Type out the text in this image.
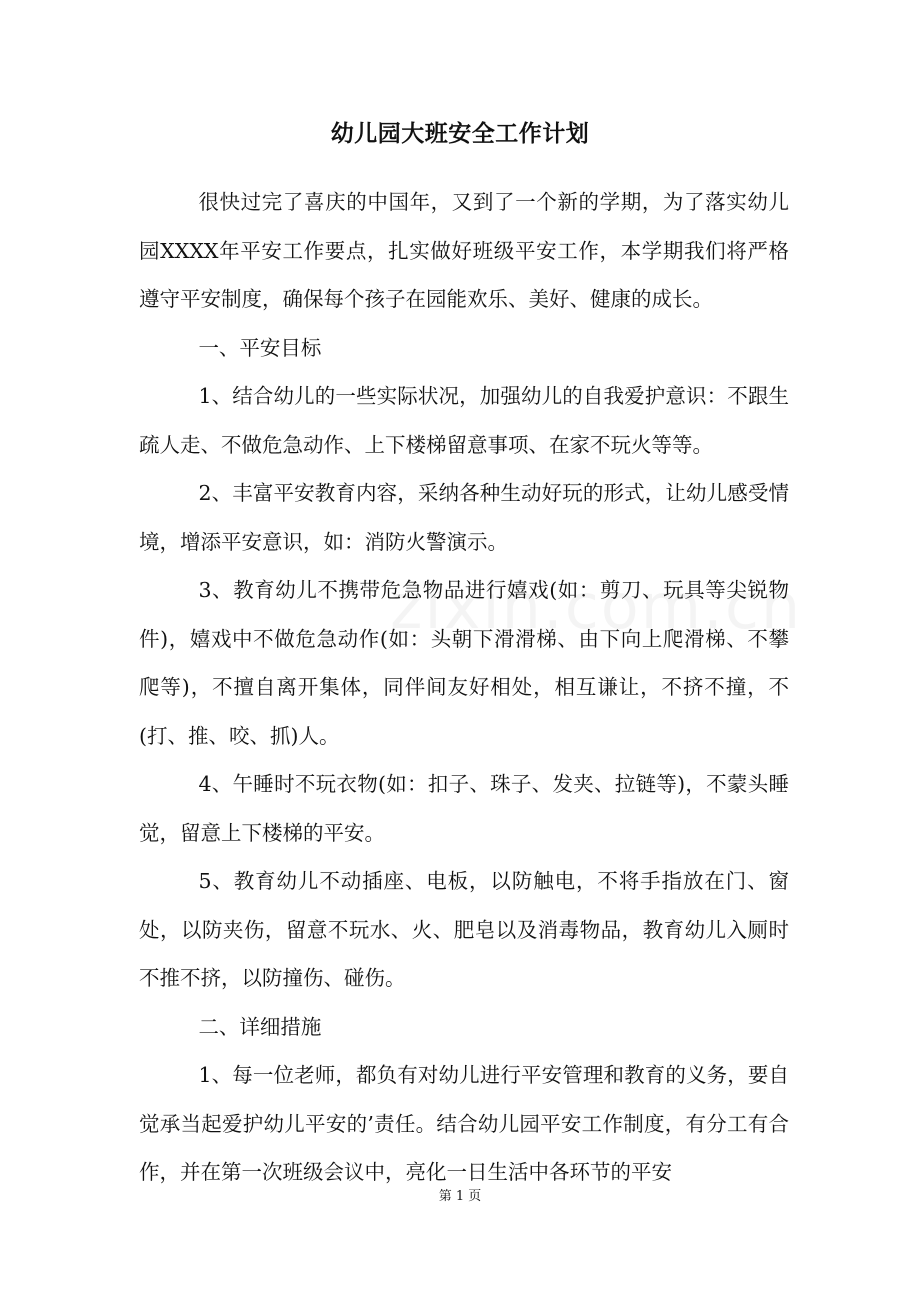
幼儿园大班安全工作计划

很快过完了喜庆的中国年，又到了一个新的学期，为了落实幼儿园XXXX年平安工作要点，扎实做好班级平安工作，本学期我们将严格遵守平安制度，确保每个孩子在园能欢乐、美好、健康的成长。

一、平安目标

1、结合幼儿的一些实际状况，加强幼儿的自我爱护意识：不跟生疏人走、不做危急动作、上下楼梯留意事项、在家不玩火等等。

2、丰富平安教育内容，采纳各种生动好玩的形式，让幼儿感受情境，增添平安意识，如：消防火警演示。

3、教育幼儿不携带危急物品进行嬉戏(如：剪刀、玩具等尖锐物件)，嬉戏中不做危急动作(如：头朝下滑滑梯、由下向上爬滑梯、不攀爬等)，不擅自离开集体，同伴间友好相处，相互谦让，不挤不撞，不(打、推、咬、抓)人。

4、午睡时不玩衣物(如：扣子、珠子、发夹、拉链等)，不蒙头睡觉，留意上下楼梯的平安。

5、教育幼儿不动插座、电板，以防触电，不将手指放在门、窗处，以防夹伤，留意不玩水、火、肥皂以及消毒物品，教育幼儿入厕时不推不挤，以防撞伤、碰伤。

二、详细措施

1、每一位老师，都负有对幼儿进行平安管理和教育的义务，要自觉承当起爱护幼儿平安的’责任。结合幼儿园平安工作制度，有分工有合作，并在第一次班级会议中，亮化一日生活中各环节的平安

第 1 页
